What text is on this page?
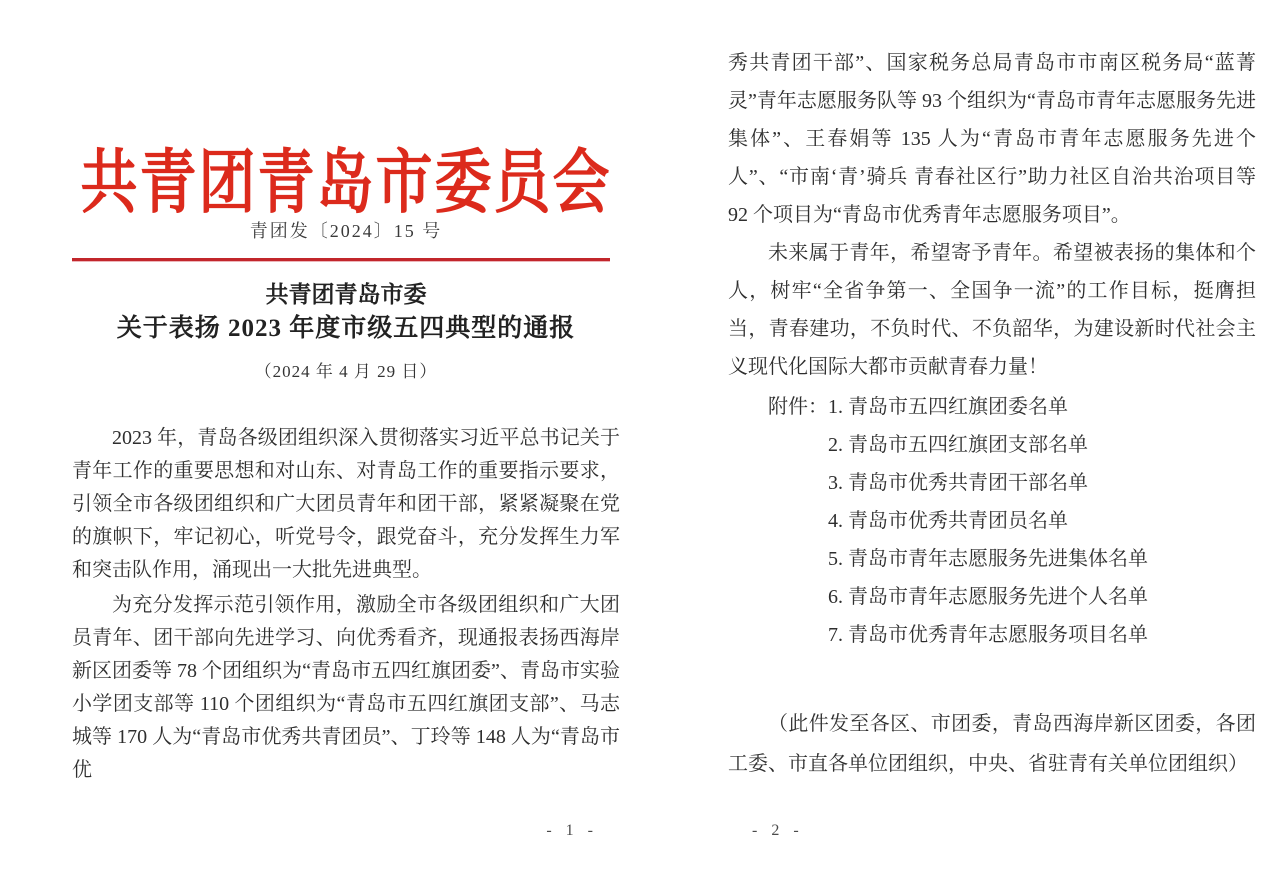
共青团青岛市委员会
青团发〔2024〕15 号
共青团青岛市委
关于表扬 2023 年度市级五四典型的通报
（2024 年 4 月 29 日）

2023 年，青岛各级团组织深入贯彻落实习近平总书记关于青年工作的重要思想和对山东、对青岛工作的重要指示要求，引领全市各级团组织和广大团员青年和团干部，紧紧凝聚在党的旗帜下，牢记初心，听党号令，跟党奋斗，充分发挥生力军和突击队作用，涌现出一大批先进典型。

为充分发挥示范引领作用，激励全市各级团组织和广大团员青年、团干部向先进学习、向优秀看齐，现通报表扬西海岸新区团委等 78 个团组织为“青岛市五四红旗团委”、青岛市实验小学团支部等 110 个团组织为“青岛市五四红旗团支部”、马志城等 170 人为“青岛市优秀共青团员”、丁玲等 148 人为“青岛市优

- 1 -

秀共青团干部”、国家税务总局青岛市市南区税务局“蓝菁灵”青年志愿服务队等 93 个组织为“青岛市青年志愿服务先进集体”、王春娟等 135 人为“青岛市青年志愿服务先进个人”、“市南‘青’骑兵 青春社区行”助力社区自治共治项目等 92 个项目为“青岛市优秀青年志愿服务项目”。

未来属于青年，希望寄予青年。希望被表扬的集体和个人，树牢“全省争第一、全国争一流”的工作目标，挺膺担当，青春建功，不负时代、不负韶华，为建设新时代社会主义现代化国际大都市贡献青春力量！

附件： 1. 青岛市五四红旗团委名单
2. 青岛市五四红旗团支部名单
3. 青岛市优秀共青团干部名单
4. 青岛市优秀共青团员名单
5. 青岛市青年志愿服务先进集体名单
6. 青岛市青年志愿服务先进个人名单
7. 青岛市优秀青年志愿服务项目名单

（此件发至各区、市团委，青岛西海岸新区团委，各团工委、市直各单位团组织，中央、省驻青有关单位团组织）

- 2 -
